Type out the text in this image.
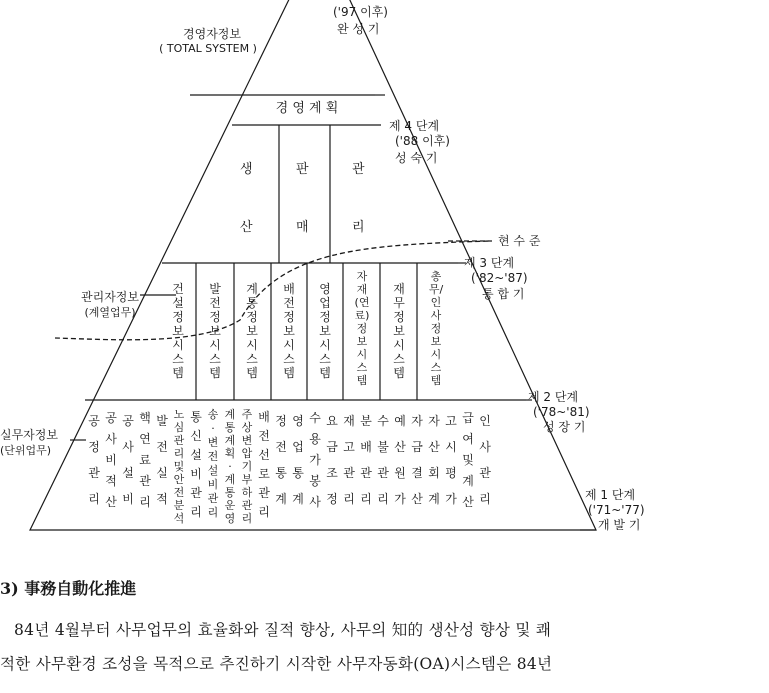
('97 이후)
완 성 기
경영자정보
( TOTAL SYSTEM )
경 영 계 획
제 4 단계
('88 이후)
성 숙 기
생
산
판
매
관
리
현 수 준
제 3 단계
('82~'87)
통 합 기
관리자정보
(계열업무)
건설정보시스템
발전정보시스템
계통정보시스템
배전정보시스템
영업정보시스템
자재(연료)정보시스템
재무정보시스템
총무/인사정보시스템
제 2 단계
('78~'81)
성 장 기
실무자정보
(단위업무)
공정관리
공사비적산
공사설비
핵연료관리
발전실적
노심관리및안전분석
통신설비관리
송·변전설비관리
계통계획·계통운영
주상변압기부하관리
배전선로관리
정전통계
영업통계
수용가봉사
요금조정
재고관리
분배관리
수불관리
예산원가
자금결산
자산회계
고시평가
급여및계산
인사관리	제 1 단계
('71~'77)
개 발 기
3) 事務自動化推進
84년 4월부터 사무업무의 효율화와 질적 향상, 사무의 知的 생산성 향상 및 쾌
적한 사무환경 조성을 목적으로 추진하기 시작한 사무자동화(OA)시스템은 84년
